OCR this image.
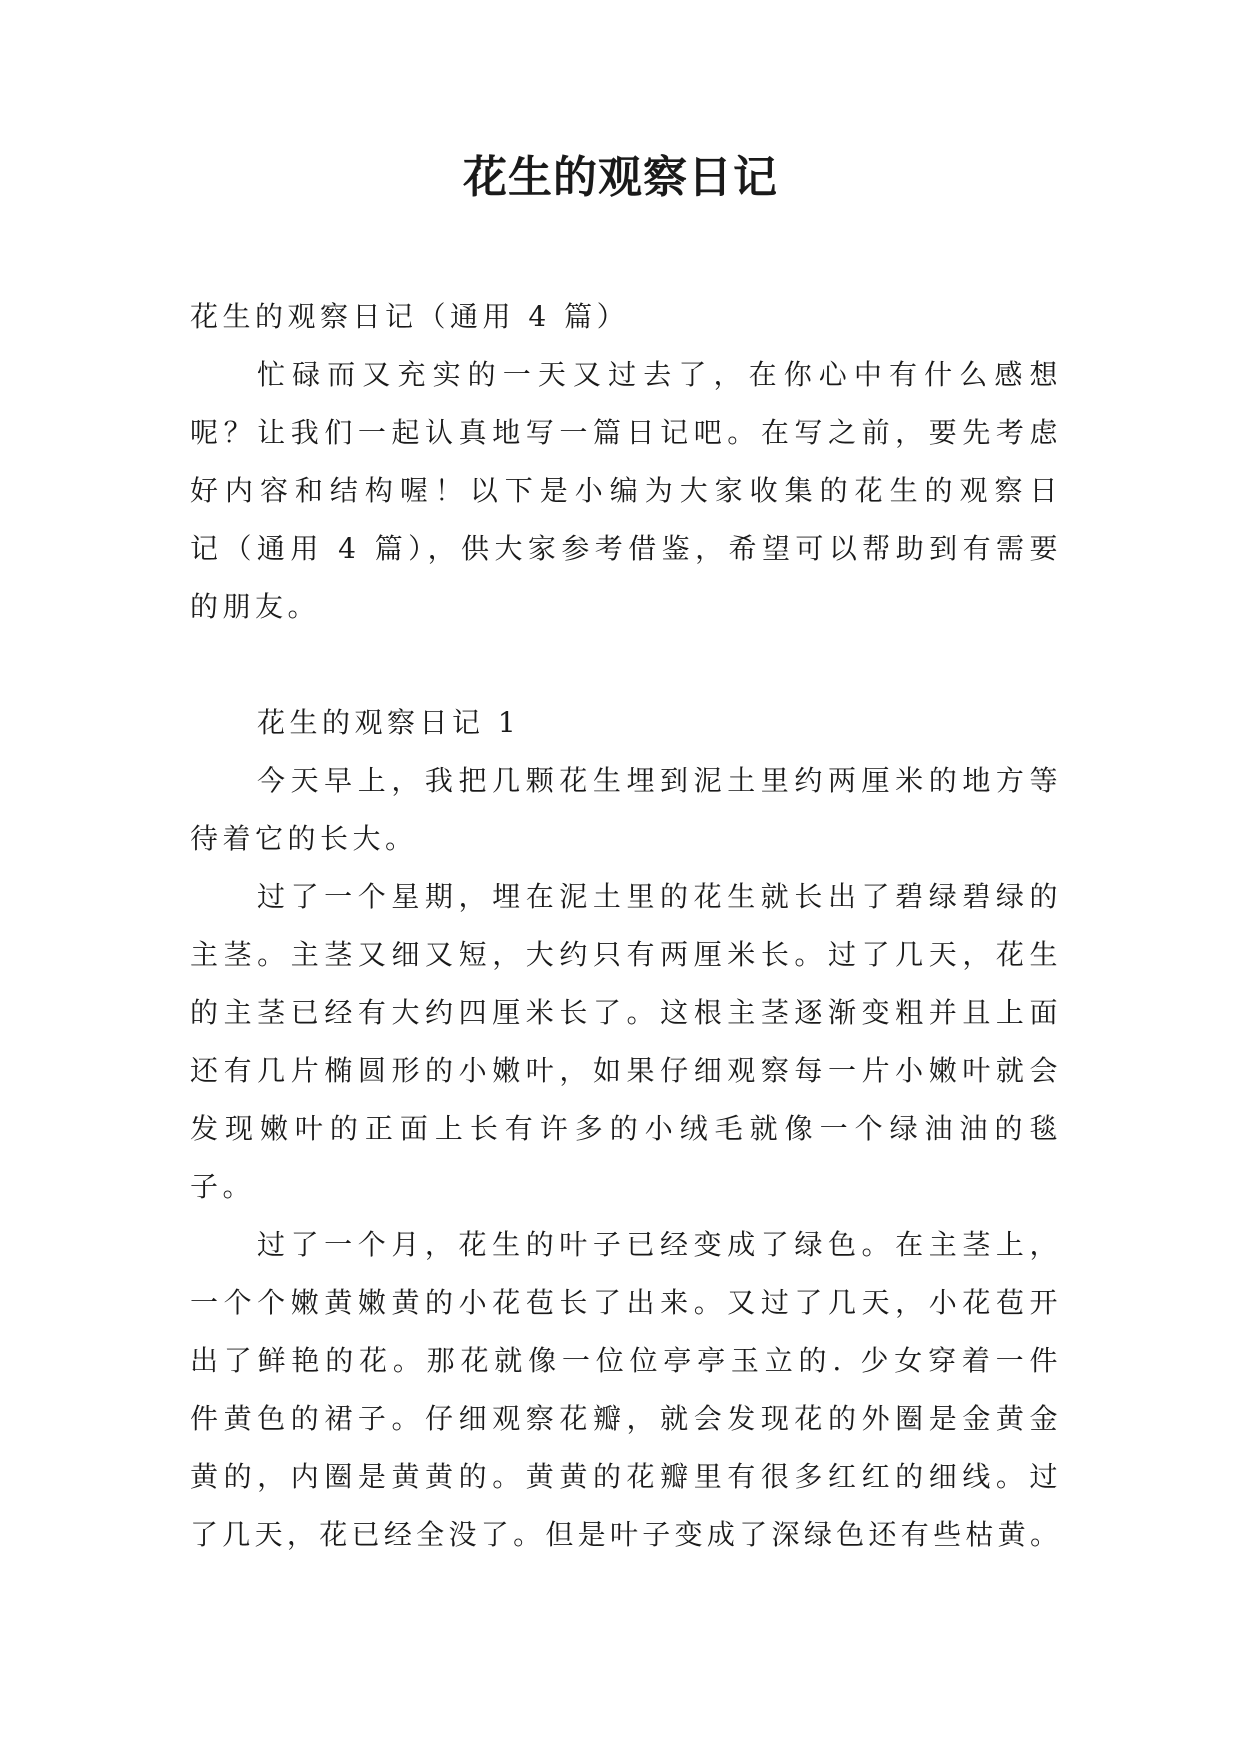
花生的观察日记
花生的观察日记（通用 4 篇）
忙碌而又充实的一天又过去了，在你心中有什么感想
呢？让我们一起认真地写一篇日记吧。在写之前，要先考虑
好内容和结构喔！以下是小编为大家收集的花生的观察日
记（通用 4 篇），供大家参考借鉴，希望可以帮助到有需要
的朋友。
花生的观察日记 1
今天早上，我把几颗花生埋到泥土里约两厘米的地方等
待着它的长大。
过了一个星期，埋在泥土里的花生就长出了碧绿碧绿的
主茎。主茎又细又短，大约只有两厘米长。过了几天，花生
的主茎已经有大约四厘米长了。这根主茎逐渐变粗并且上面
还有几片椭圆形的小嫩叶，如果仔细观察每一片小嫩叶就会
发现嫩叶的正面上长有许多的小绒毛就像一个绿油油的毯
子。
过了一个月，花生的叶子已经变成了绿色。在主茎上，
一个个嫩黄嫩黄的小花苞长了出来。又过了几天，小花苞开
出了鲜艳的花。那花就像一位位亭亭玉立的. 少女穿着一件
件黄色的裙子。仔细观察花瓣，就会发现花的外圈是金黄金
黄的，内圈是黄黄的。黄黄的花瓣里有很多红红的细线。过
了几天，花已经全没了。但是叶子变成了深绿色还有些枯黄。
